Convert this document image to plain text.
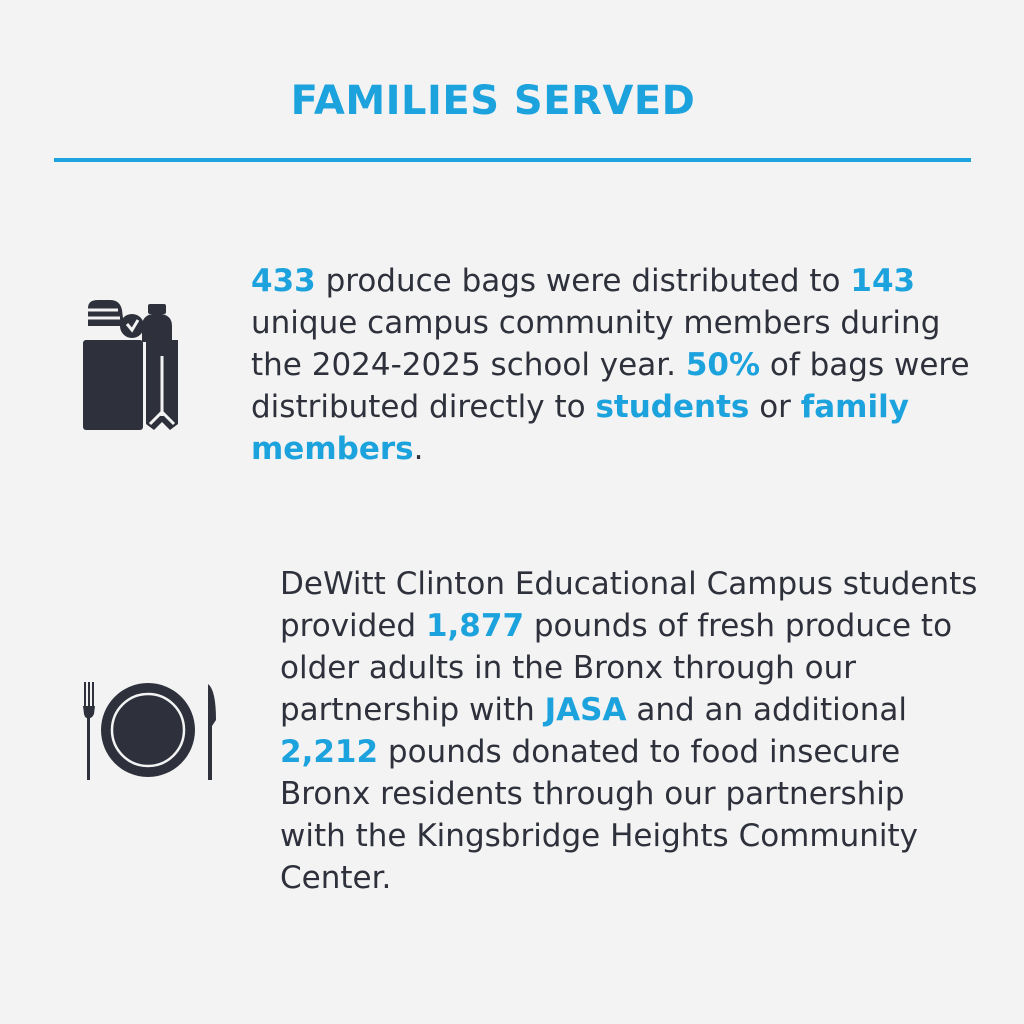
FAMILIES SERVED

433 produce bags were distributed to 143 unique campus community members during the 2024-2025 school year. 50% of bags were distributed directly to students or family members.

DeWitt Clinton Educational Campus students provided 1,877 pounds of fresh produce to older adults in the Bronx through our partnership with JASA and an additional 2,212 pounds donated to food insecure Bronx residents through our partnership with the Kingsbridge Heights Community Center.
